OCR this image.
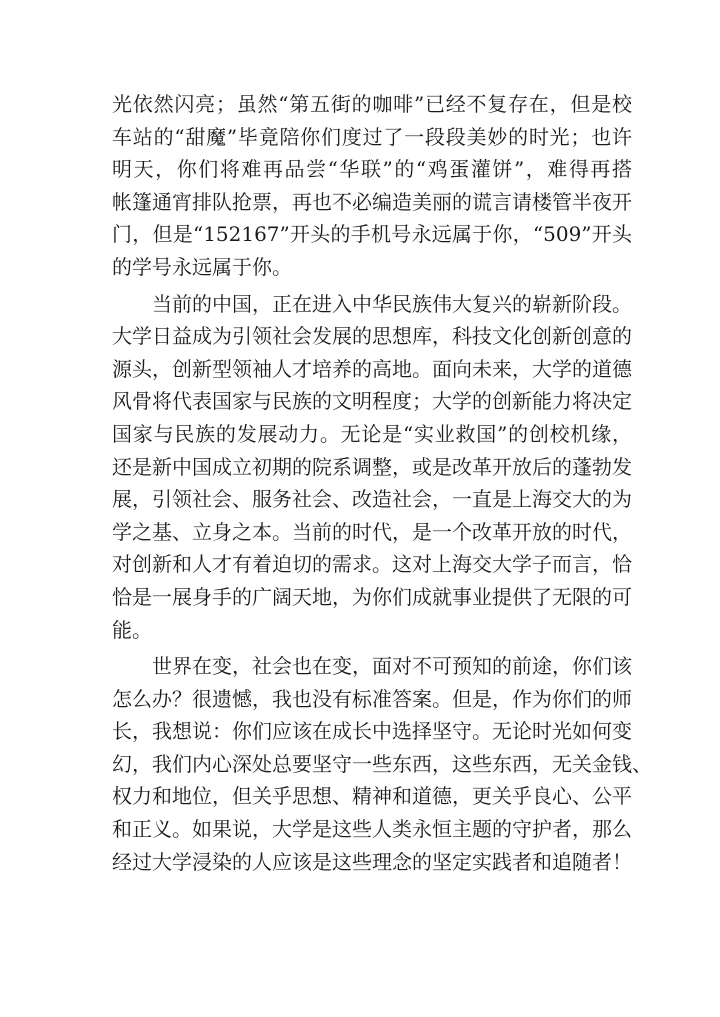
光依然闪亮；虽然“第五街的咖啡”已经不复存在，但是校
车站的“甜魔”毕竟陪你们度过了一段段美妙的时光；也许
明天，你们将难再品尝“华联”的“鸡蛋灌饼”，难得再搭
帐篷通宵排队抢票，再也不必编造美丽的谎言请楼管半夜开
门，但是“152167”开头的手机号永远属于你，“509”开头
的学号永远属于你。
当前的中国，正在进入中华民族伟大复兴的崭新阶段。
大学日益成为引领社会发展的思想库，科技文化创新创意的
源头，创新型领袖人才培养的高地。面向未来，大学的道德
风骨将代表国家与民族的文明程度；大学的创新能力将决定
国家与民族的发展动力。无论是“实业救国”的创校机缘，
还是新中国成立初期的院系调整，或是改革开放后的蓬勃发
展，引领社会、服务社会、改造社会，一直是上海交大的为
学之基、立身之本。当前的时代，是一个改革开放的时代，
对创新和人才有着迫切的需求。这对上海交大学子而言，恰
恰是一展身手的广阔天地，为你们成就事业提供了无限的可
能。
世界在变，社会也在变，面对不可预知的前途，你们该
怎么办？很遗憾，我也没有标准答案。但是，作为你们的师
长，我想说：你们应该在成长中选择坚守。无论时光如何变
幻，我们内心深处总要坚守一些东西，这些东西，无关金钱、
权力和地位，但关乎思想、精神和道德，更关乎良心、公平
和正义。如果说，大学是这些人类永恒主题的守护者，那么
经过大学浸染的人应该是这些理念的坚定实践者和追随者！
